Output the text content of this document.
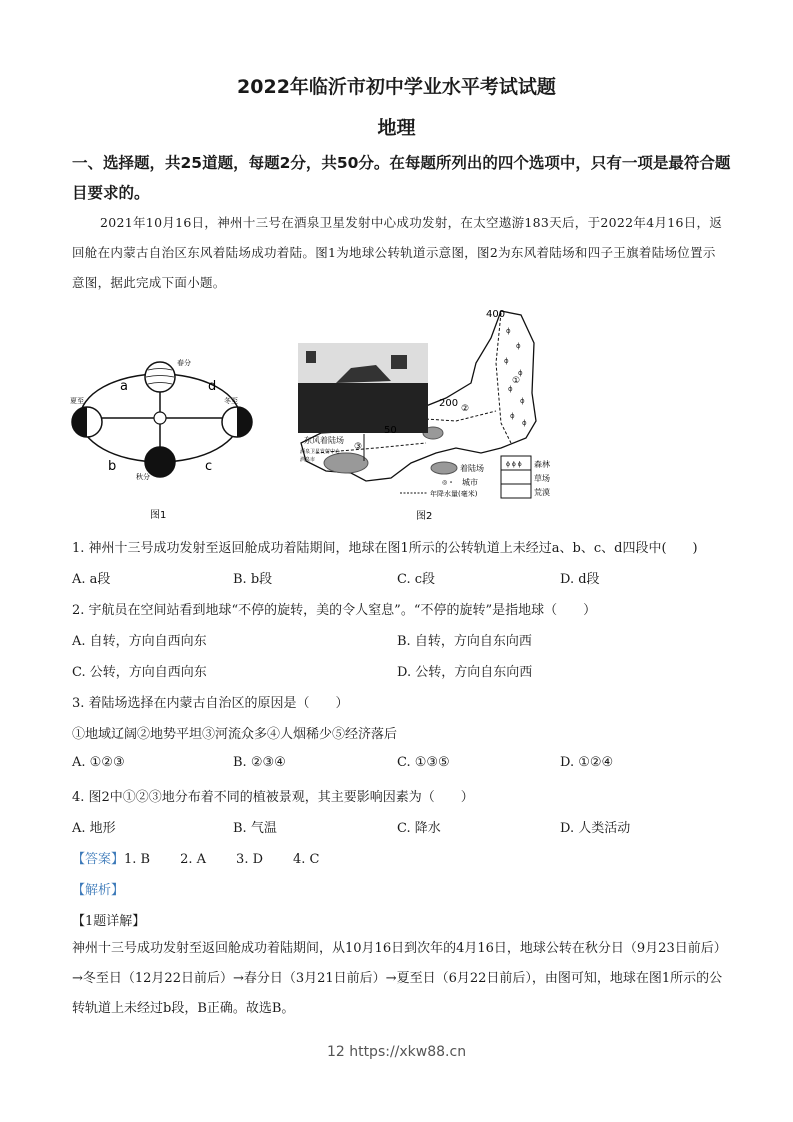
2022年临沂市初中学业水平考试试题
地理
一、选择题，共25道题，每题2分，共50分。在每题所列出的四个选项中，只有一项是最符合题目要求的。
2021年10月16日，神州十三号在酒泉卫星发射中心成功发射，在太空遨游183天后，于2022年4月16日，返回舱在内蒙古自治区东风着陆场成功着陆。图1为地球公转轨道示意图，图2为东风着陆场和四子王旗着陆场位置示意图，据此完成下面小题。
a	d
b	c
夏至
春分
冬至
秋分
图1
ϕ
ϕ
ϕ
ϕ
ϕ
ϕ
ϕ
ϕ
东风着陆场
400
200
50
①
②
③
酒泉卫星发射中心
酒泉市
着陆场
◎ ∘ 城市
年降水量(毫米)
ϕ ϕ ϕ 森林
草场
荒漠
图2
1. 神州十三号成功发射至返回舱成功着陆期间，地球在图1所示的公转轨道上未经过a、b、c、d四段中(　　)
A. a段	B. b段	C. c段	D. d段
2. 宇航员在空间站看到地球“不停的旋转，美的令人窒息”。“不停的旋转”是指地球（　　）
A. 自转，方向自西向东	B. 自转，方向自东向西
C. 公转，方向自西向东	D. 公转，方向自东向西
3. 着陆场选择在内蒙古自治区的原因是（　　）
①地域辽阔②地势平坦③河流众多④人烟稀少⑤经济落后
A. ①②③	B. ②③④	C. ①③⑤	D. ①②④
4. 图2中①②③地分布着不同的植被景观，其主要影响因素为（　　）
A. 地形	B. 气温	C. 降水	D. 人类活动
【答案】1. B 2. A 3. D 4. C
【解析】
【1题详解】
神州十三号成功发射至返回舱成功着陆期间，从10月16日到次年的4月16日，地球公转在秋分日（9月23日前后）→冬至日（12月22日前后）→春分日（3月21日前后）→夏至日（6月22日前后），由图可知，地球在图1所示的公转轨道上未经过b段，B正确。故选B。
12 https://xkw88.cn
